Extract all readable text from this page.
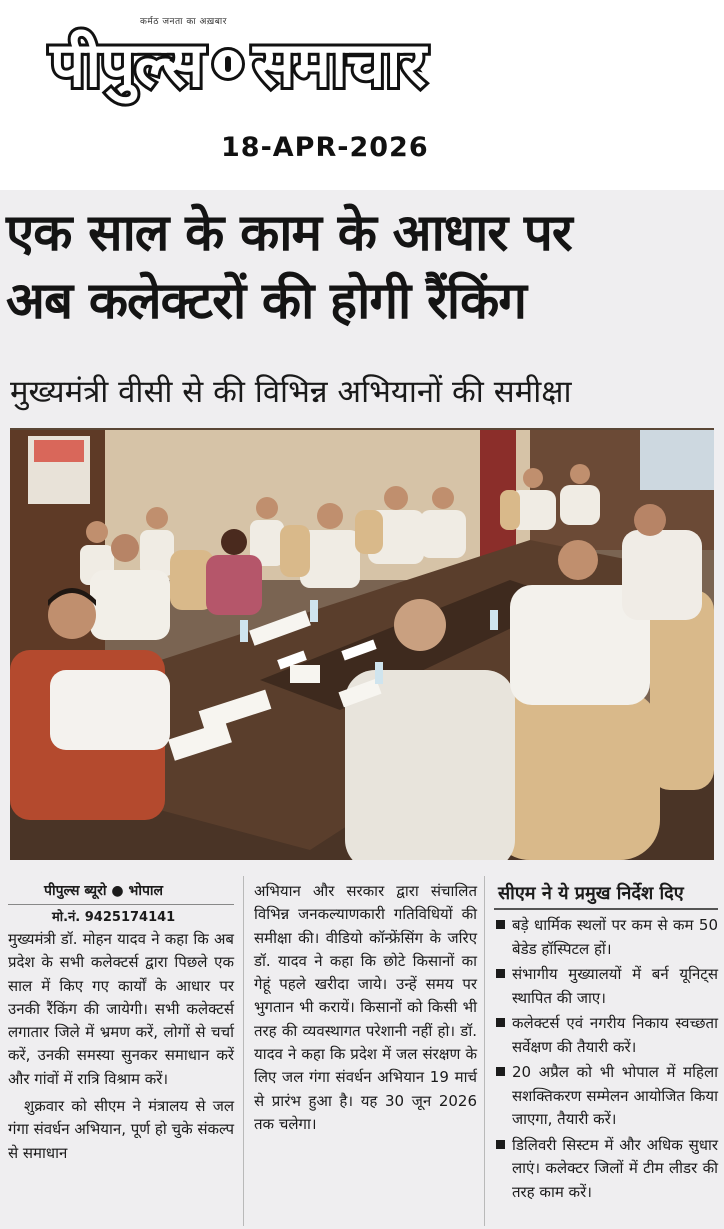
कर्मठ जनता का अख़बार
पीपुल्स समाचार
18-APR-2026
एक साल के काम के आधार पर
अब कलेक्टरों की होगी रैंकिंग
मुख्यमंत्री वीसी से की विभिन्न अभियानों की समीक्षा
पीपुल्स ब्यूरो ● भोपाल
मो.नं. 9425174141

मुख्यमंत्री डॉ. मोहन यादव ने कहा कि अब प्रदेश के सभी कलेक्टर्स द्वारा पिछले एक साल में किए गए कार्यों के आधार पर उनकी रैंकिंग की जायेगी। सभी कलेक्टर्स लगातार जिले में भ्रमण करें, लोगों से चर्चा करें, उनकी समस्या सुनकर समाधान करें और गांवों में रात्रि विश्राम करें।

शुक्रवार को सीएम ने मंत्रालय से जल गंगा संवर्धन अभियान, पूर्ण हो चुके संकल्प से समाधान

अभियान और सरकार द्वारा संचालित विभिन्न जनकल्याणकारी गतिविधियों की समीक्षा की। वीडियो कॉन्फ्रेंसिंग के जरिए डॉ. यादव ने कहा कि छोटे किसानों का गेहूं पहले खरीदा जाये। उन्हें समय पर भुगतान भी करायें। किसानों को किसी भी तरह की व्यवस्थागत परेशानी नहीं हो। डॉ. यादव ने कहा कि प्रदेश में जल संरक्षण के लिए जल गंगा संवर्धन अभियान 19 मार्च से प्रारंभ हुआ है। यह 30 जून 2026 तक चलेगा।

सीएम ने ये प्रमुख निर्देश दिए
बड़े धार्मिक स्थलों पर कम से कम 50 बेडेड हॉस्पिटल हों।
संभागीय मुख्यालयों में बर्न यूनिट्स स्थापित की जाए।
कलेक्टर्स एवं नगरीय निकाय स्वच्छता सर्वेक्षण की तैयारी करें।
20 अप्रैल को भी भोपाल में महिला सशक्तिकरण सम्मेलन आयोजित किया जाएगा, तैयारी करें।
डिलिवरी सिस्टम में और अधिक सुधार लाएं। कलेक्टर जिलों में टीम लीडर की तरह काम करें।
